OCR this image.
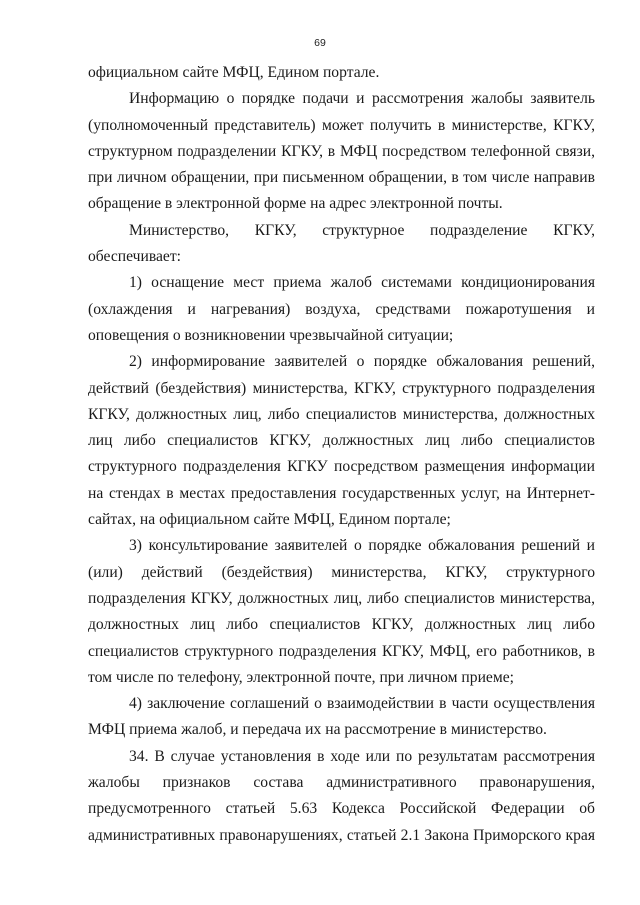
69

официальном сайте МФЦ, Едином портале.

Информацию о порядке подачи и рассмотрения жалобы заявитель (уполномоченный представитель) может получить в министерстве, КГКУ, структурном подразделении КГКУ, в МФЦ посредством телефонной связи, при личном обращении, при письменном обращении, в том числе направив обращение в электронной форме на адрес электронной почты.

Министерство, КГКУ, структурное подразделение КГКУ, обеспечивает:

1) оснащение мест приема жалоб системами кондиционирования (охлаждения и нагревания) воздуха, средствами пожаротушения и оповещения о возникновении чрезвычайной ситуации;

2) информирование заявителей о порядке обжалования решений, действий (бездействия) министерства, КГКУ, структурного подразделения КГКУ, должностных лиц, либо специалистов министерства, должностных лиц либо специалистов КГКУ, должностных лиц либо специалистов структурного подразделения КГКУ посредством размещения информации на стендах в местах предоставления государственных услуг, на Интернет-сайтах, на официальном сайте МФЦ, Едином портале;

3) консультирование заявителей о порядке обжалования решений и (или) действий (бездействия) министерства, КГКУ, структурного подразделения КГКУ, должностных лиц, либо специалистов министерства, должностных лиц либо специалистов КГКУ, должностных лиц либо специалистов структурного подразделения КГКУ, МФЦ, его работников, в том числе по телефону, электронной почте, при личном приеме;

4) заключение соглашений о взаимодействии в части осуществления МФЦ приема жалоб, и передача их на рассмотрение в министерство.

34. В случае установления в ходе или по результатам рассмотрения жалобы признаков состава административного правонарушения, предусмотренного статьей 5.63 Кодекса Российской Федерации об административных правонарушениях, статьей 2.1 Закона Приморского края
